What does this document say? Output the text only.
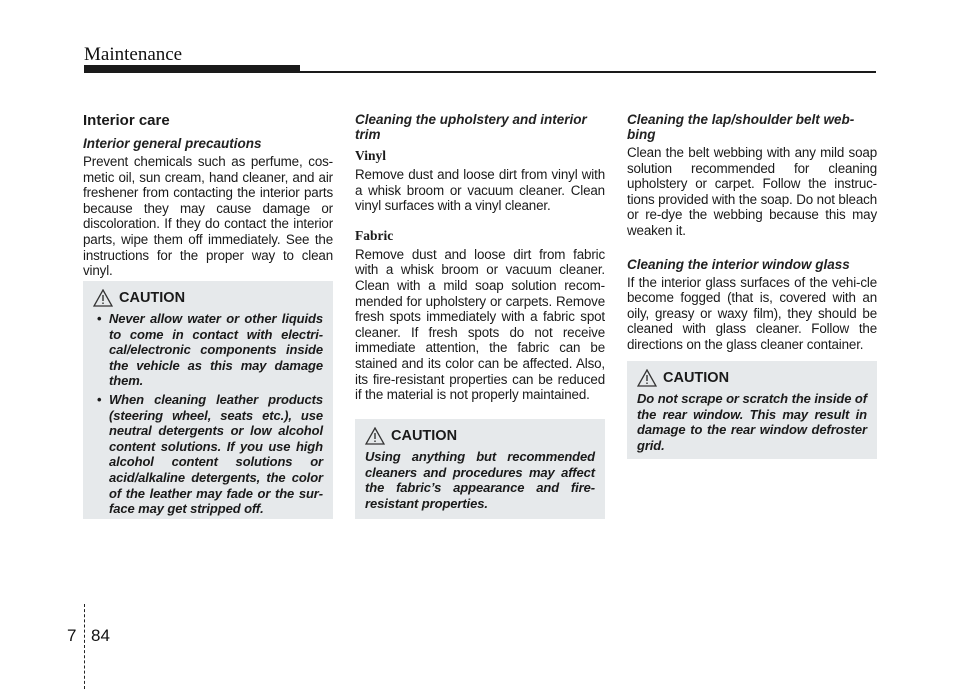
Maintenance
Interior care
Interior general precautions

Prevent chemicals such as perfume, cos-metic oil, sun cream, hand cleaner, and air freshener from contacting the interior parts because they may cause damage or discoloration. If they do contact the interior parts, wipe them off immediately. See the instructions for the proper way to clean vinyl.

CAUTION
• Never allow water or other liquids to come in contact with electri-cal/electronic components inside the vehicle as this may damage them.
• When cleaning leather products (steering wheel, seats etc.), use neutral detergents or low alcohol content solutions. If you use high alcohol content solutions or acid/alkaline detergents, the color of the leather may fade or the sur-face may get stripped off.
Cleaning the upholstery and interior trim
Vinyl

Remove dust and loose dirt from vinyl with a whisk broom or vacuum cleaner. Clean vinyl surfaces with a vinyl cleaner.

Fabric

Remove dust and loose dirt from fabric with a whisk broom or vacuum cleaner. Clean with a mild soap solution recom-mended for upholstery or carpets. Remove fresh spots immediately with a fabric spot cleaner. If fresh spots do not receive immediate attention, the fabric can be stained and its color can be affected. Also, its fire-resistant properties can be reduced if the material is not properly maintained.

CAUTION

Using anything but recommended cleaners and procedures may affect the fabric’s appearance and fire-resistant properties.

Cleaning the lap/shoulder belt web-bing

Clean the belt webbing with any mild soap solution recommended for cleaning upholstery or carpet. Follow the instruc-tions provided with the soap. Do not bleach or re-dye the webbing because this may weaken it.

Cleaning the interior window glass

If the interior glass surfaces of the vehi-cle become fogged (that is, covered with an oily, greasy or waxy film), they should be cleaned with glass cleaner. Follow the directions on the glass cleaner container.

CAUTION

Do not scrape or scratch the inside of the rear window. This may result in damage to the rear window defroster grid.

7 84
